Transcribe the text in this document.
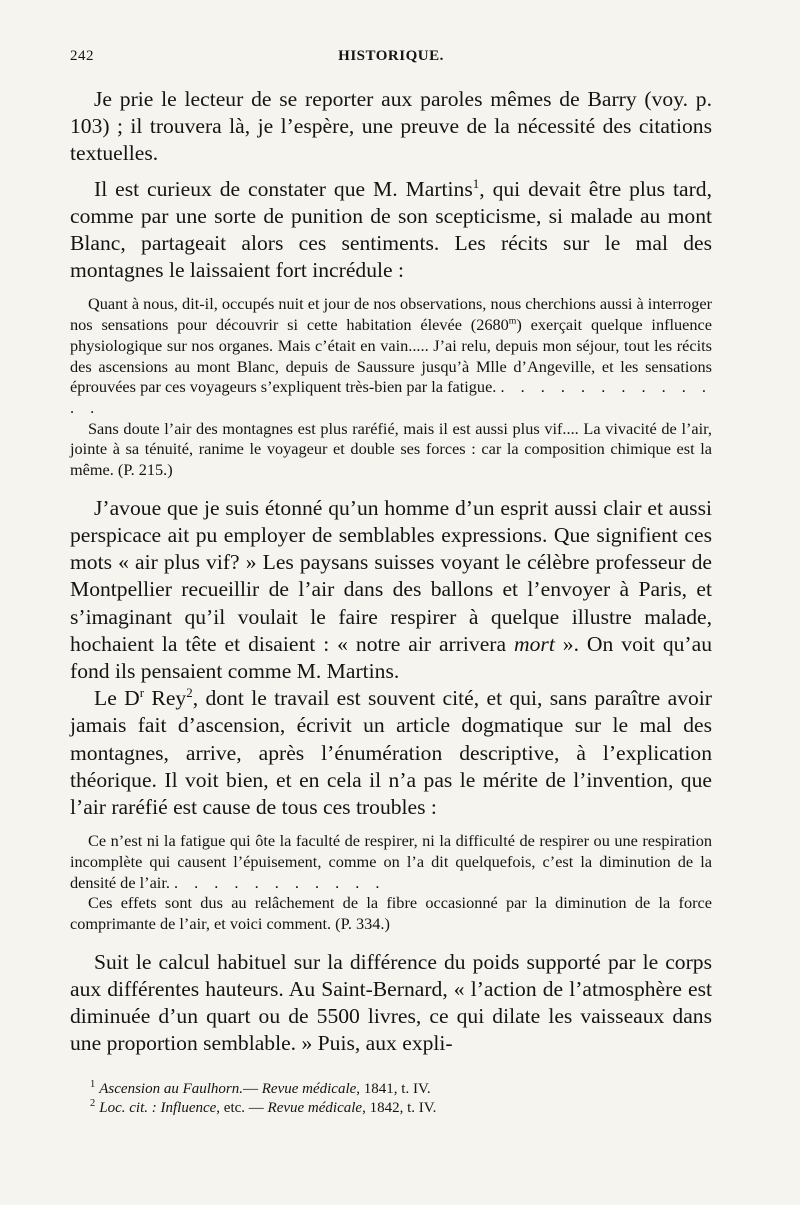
242	HISTORIQUE.

Je prie le lecteur de se reporter aux paroles mêmes de Barry (voy. p. 103) ; il trouvera là, je l’espère, une preuve de la nécessité des citations textuelles.

Il est curieux de constater que M. Martins$^1$, qui devait être plus tard, comme par une sorte de punition de son scepticisme, si malade au mont Blanc, partageait alors ces sentiments. Les récits sur le mal des montagnes le laissaient fort incrédule :

Quant à nous, dit-il, occupés nuit et jour de nos observations, nous cherchions aussi à interroger nos sensations pour découvrir si cette habitation élevée (2680$^m$) exerçait quelque influence physiologique sur nos organes. Mais c’était en vain..... J’ai relu, depuis mon séjour, tout les récits des ascensions au mont Blanc, depuis de Saussure jusqu’à Mlle d’Angeville, et les sensations éprouvées par ces voyageurs s’expliquent très-bien par la fatigue. . . . . . . . . . . . . .

Sans doute l’air des montagnes est plus raréfié, mais il est aussi plus vif.... La vivacité de l’air, jointe à sa ténuité, ranime le voyageur et double ses forces : car la composition chimique est la même. (P. 215.)

J’avoue que je suis étonné qu’un homme d’un esprit aussi clair et aussi perspicace ait pu employer de semblables expressions. Que signifient ces mots « air plus vif? » Les paysans suisses voyant le célèbre professeur de Montpellier recueillir de l’air dans des ballons et l’envoyer à Paris, et s’imaginant qu’il voulait le faire respirer à quelque illustre malade, hochaient la tête et disaient : « notre air arrivera mort ». On voit qu’au fond ils pensaient comme M. Martins.

Le $D^r$ Rey$^2$, dont le travail est souvent cité, et qui, sans paraître avoir jamais fait d’ascension, écrivit un article dogmatique sur le mal des montagnes, arrive, après l’énumération descriptive, à l’explication théorique. Il voit bien, et en cela il n’a pas le mérite de l’invention, que l’air raréfié est cause de tous ces troubles :

Ce n’est ni la fatigue qui ôte la faculté de respirer, ni la difficulté de respirer ou une respiration incomplète qui causent l’épuisement, comme on l’a dit quelquefois, c’est la diminution de la densité de l’air. . . . . . . . . . . .

Ces effets sont dus au relâchement de la fibre occasionné par la diminution de la force comprimante de l’air, et voici comment. (P. 334.)

Suit le calcul habituel sur la différence du poids supporté par le corps aux différentes hauteurs. Au Saint-Bernard, « l’action de l’atmosphère est diminuée d’un quart ou de 5500 livres, ce qui dilate les vaisseaux dans une proportion semblable. » Puis, aux expli-

$^1$ Ascension au Faulhorn.— Revue médicale, 1841, t. IV.

$^2$ Loc. cit. : Influence, etc. — Revue médicale, 1842, t. IV.
